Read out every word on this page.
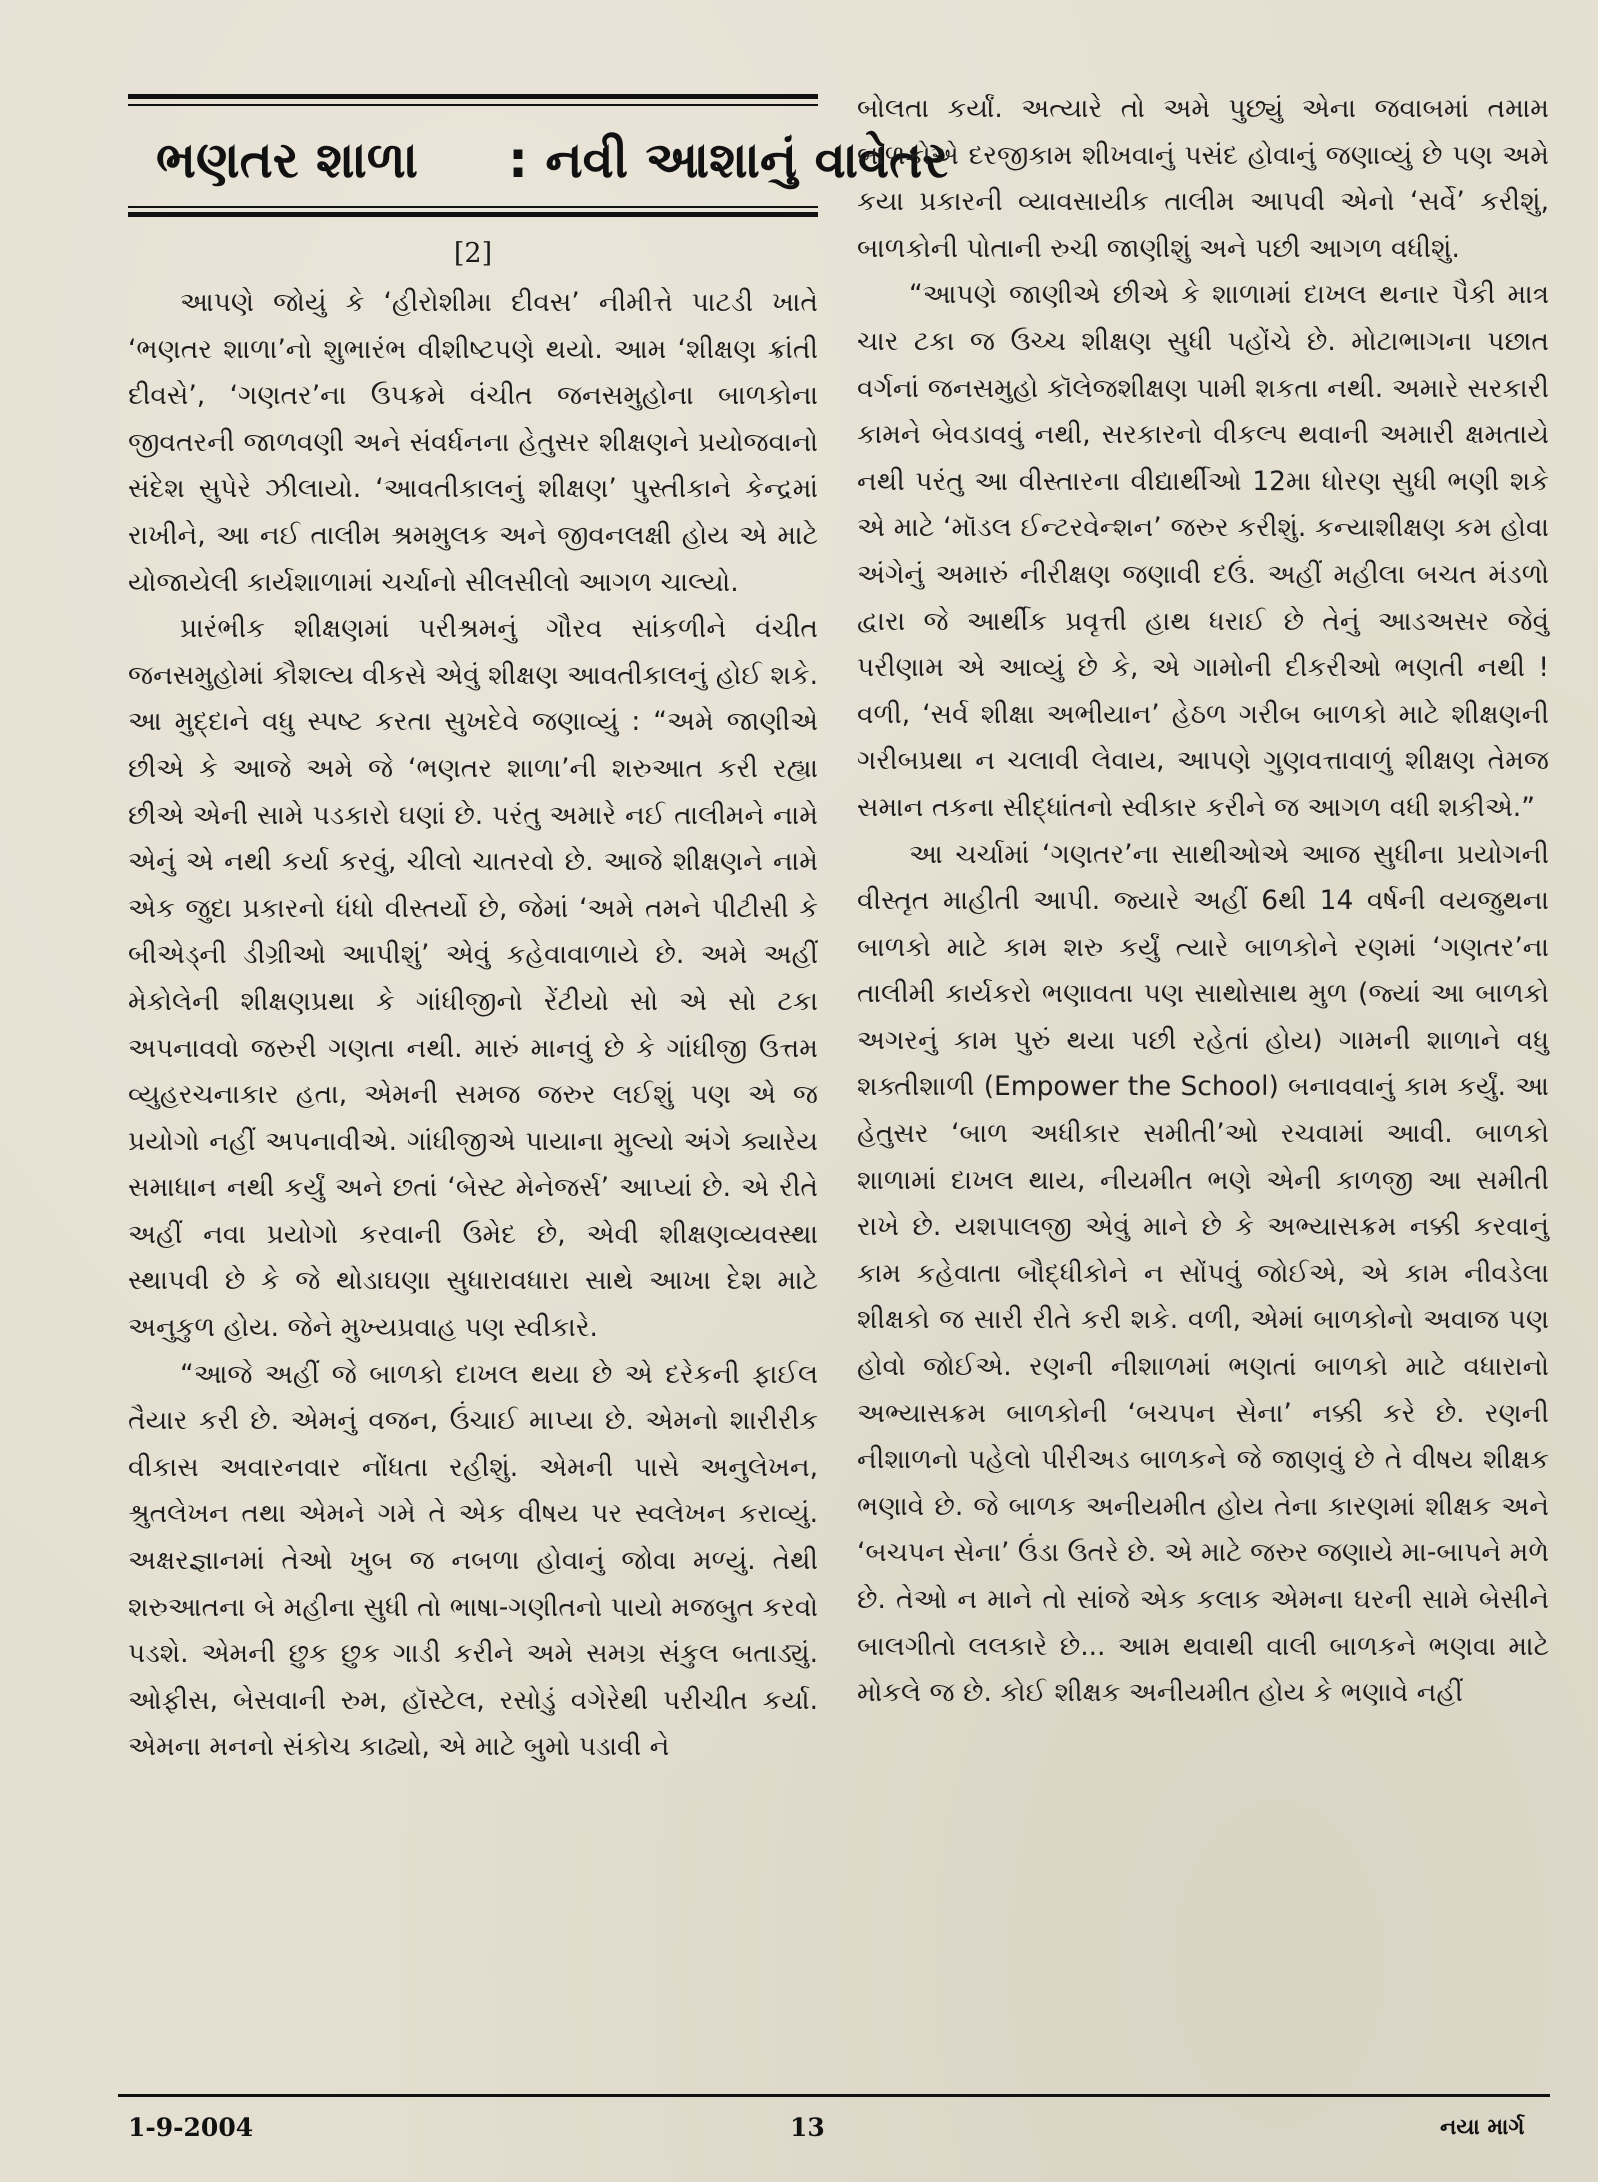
ભણતર શાળા : નવી આશાનું વાવેતર
[2]

આપણે જોયું કે ‘હીરોશીમા દીવસ’ નીમીત્તે પાટડી ખાતે ‘ભણતર શાળા’નો શુભારંભ વીશીષ્ટપણે થયો. આમ ‘શીક્ષણ ક્રાંતી દીવસે’, ‘ગણતર’ના ઉપક્રમે વંચીત જનસમુહોના બાળકોના જીવતરની જાળવણી અને સંવર્ધનના હેતુસર શીક્ષણને પ્રયોજવાનો સંદેશ સુપેરે ઝીલાયો. ‘આવતીકાલનું શીક્ષણ’ પુસ્તીકાને કેન્દ્રમાં રાખીને, આ નઈ તાલીમ શ્રમમુલક અને જીવનલક્ષી હોય એ માટે યોજાયેલી કાર્યશાળામાં ચર્ચાનો સીલસીલો આગળ ચાલ્યો.

પ્રારંભીક શીક્ષણમાં પરીશ્રમનું ગૌરવ સાંકળીને વંચીત જનસમુહોમાં કૌશલ્ય વીકસે એવું શીક્ષણ આવતીકાલનું હોઈ શકે. આ મુદ્દાને વધુ સ્પષ્ટ કરતા સુખદેવે જણાવ્યું : “અમે જાણીએ છીએ કે આજે અમે જે ‘ભણતર શાળા’ની શરુઆત કરી રહ્યા છીએ એની સામે પડકારો ઘણાં છે. પરંતુ અમારે નઈ તાલીમને નામે એનું એ નથી કર્યા કરવું, ચીલો ચાતરવો છે. આજે શીક્ષણને નામે એક જુદા પ્રકારનો ધંધો વીસ્તર્યો છે, જેમાં ‘અમે તમને પીટીસી કે બીએડ્‌ની ડીગ્રીઓ આપીશું’ એવું કહેવાવાળાયે છે. અમે અહીં મેકોલેની શીક્ષણપ્રથા કે ગાંધીજીનો રેંટીયો સો એ સો ટકા અપનાવવો જરુરી ગણતા નથી. મારું માનવું છે કે ગાંધીજી ઉત્તમ વ્યુહરચનાકાર હતા, એમની સમજ જરુર લઈશું પણ એ જ પ્રયોગો નહીં અપનાવીએ. ગાંધીજીએ પાયાના મુલ્યો અંગે ક્યારેય સમાધાન નથી કર્યું અને છતાં ‘બેસ્ટ મેનેજર્સ’ આપ્યાં છે. એ રીતે અહીં નવા પ્રયોગો કરવાની ઉમેદ છે, એવી શીક્ષણવ્યવસ્થા સ્થાપવી છે કે જે થોડાઘણા સુધારાવધારા સાથે આખા દેશ માટે અનુકુળ હોય. જેને મુખ્યપ્રવાહ પણ સ્વીકારે.

“આજે અહીં જે બાળકો દાખલ થયા છે એ દરેકની ફાઈલ તૈયાર કરી છે. એમનું વજન, ઉંચાઈ માપ્યા છે. એમનો શારીરીક વીકાસ અવારનવાર નોંધતા રહીશું. એમની પાસે અનુલેખન, શ્રુતલેખન તથા એમને ગમે તે એક વીષય પર સ્વલેખન કરાવ્યું. અક્ષરજ્ઞાનમાં તેઓ ખુબ જ નબળા હોવાનું જોવા મળ્યું. તેથી શરુઆતના બે મહીના સુધી તો ભાષા-ગણીતનો પાયો મજબુત કરવો પડશે. એમની છુક છુક ગાડી કરીને અમે સમગ્ર સંકુલ બતાડ્યું. ઓફીસ, બેસવાની રુમ, હૉસ્ટેલ, રસોડું વગેરેથી પરીચીત કર્યા. એમના મનનો સંકોચ કાઢ્યો, એ માટે બુમો પડાવી ને

બોલતા કર્યાં. અત્યારે તો અમે પુછ્યું એના જવાબમાં તમામ બાળકોએ દરજીકામ શીખવાનું પસંદ હોવાનું જણાવ્યું છે પણ અમે કયા પ્રકારની વ્યાવસાયીક તાલીમ આપવી એનો ‘સર્વે’ કરીશું, બાળકોની પોતાની રુચી જાણીશું અને પછી આગળ વધીશું.

“આપણે જાણીએ છીએ કે શાળામાં દાખલ થનાર પૈકી માત્ર ચાર ટકા જ ઉચ્ચ શીક્ષણ સુધી પહોંચે છે. મોટાભાગના પછાત વર્ગનાં જનસમુહો કૉલેજશીક્ષણ પામી શકતા નથી. અમારે સરકારી કામને બેવડાવવું નથી, સરકારનો વીકલ્પ થવાની અમારી ક્ષમતાયે નથી પરંતુ આ વીસ્તારના વીદ્યાર્થીઓ 12મા ધોરણ સુધી ભણી શકે એ માટે ‘મૉડલ ઈન્ટરવેન્શન’ જરુર કરીશું. કન્યાશીક્ષણ કમ હોવા અંગેનું અમારું નીરીક્ષણ જણાવી દઉં. અહીં મહીલા બચત મંડળો દ્વારા જે આર્થીક પ્રવૃત્તી હાથ ધરાઈ છે તેનું આડઅસર જેવું પરીણામ એ આવ્યું છે કે, એ ગામોની દીકરીઓ ભણતી નથી ! વળી, ‘સર્વ શીક્ષા અભીયાન’ હેઠળ ગરીબ બાળકો માટે શીક્ષણની ગરીબપ્રથા ન ચલાવી લેવાય, આપણે ગુણવત્તાવાળું શીક્ષણ તેમજ સમાન તકના સીદ્ધાંતનો સ્વીકાર કરીને જ આગળ વધી શકીએ.”

આ ચર્ચામાં ‘ગણતર’ના સાથીઓએ આજ સુધીના પ્રયોગની વીસ્તૃત માહીતી આપી. જ્યારે અહીં 6થી 14 વર્ષની વયજુથના બાળકો માટે કામ શરુ કર્યું ત્યારે બાળકોને રણમાં ‘ગણતર’ના તાલીમી કાર્યકરો ભણાવતા પણ સાથોસાથ મુળ (જ્યાં આ બાળકો અગરનું કામ પુરું થયા પછી રહેતાં હોય) ગામની શાળાને વધુ શક્તીશાળી (Empower the School) બનાવવાનું કામ કર્યું. આ હેતુસર ‘બાળ અધીકાર સમીતી’ઓ રચવામાં આવી. બાળકો શાળામાં દાખલ થાય, નીયમીત ભણે એની કાળજી આ સમીતી રાખે છે. યશપાલજી એવું માને છે કે અભ્યાસક્રમ નક્કી કરવાનું કામ કહેવાતા બૌદ્ધીકોને ન સોંપવું જોઈએ, એ કામ નીવડેલા શીક્ષકો જ સારી રીતે કરી શકે. વળી, એમાં બાળકોનો અવાજ પણ હોવો જોઈએ. રણની નીશાળમાં ભણતાં બાળકો માટે વધારાનો અભ્યાસક્રમ બાળકોની ‘બચપન સેના’ નક્કી કરે છે. રણની નીશાળનો પહેલો પીરીઅડ બાળકને જે જાણવું છે તે વીષય શીક્ષક ભણાવે છે. જે બાળક અનીયમીત હોય તેના કારણમાં શીક્ષક અને ‘બચપન સેના’ ઉંડા ઉતરે છે. એ માટે જરુર જણાયે મા-બાપને મળે છે. તેઓ ન માને તો સાંજે એક કલાક એમના ઘરની સામે બેસીને બાલગીતો લલકારે છે... આમ થવાથી વાલી બાળકને ભણવા માટે મોકલે જ છે. કોઈ શીક્ષક અનીયમીત હોય કે ભણાવે નહીં

1-9-2004	13	નયા માર્ગ
